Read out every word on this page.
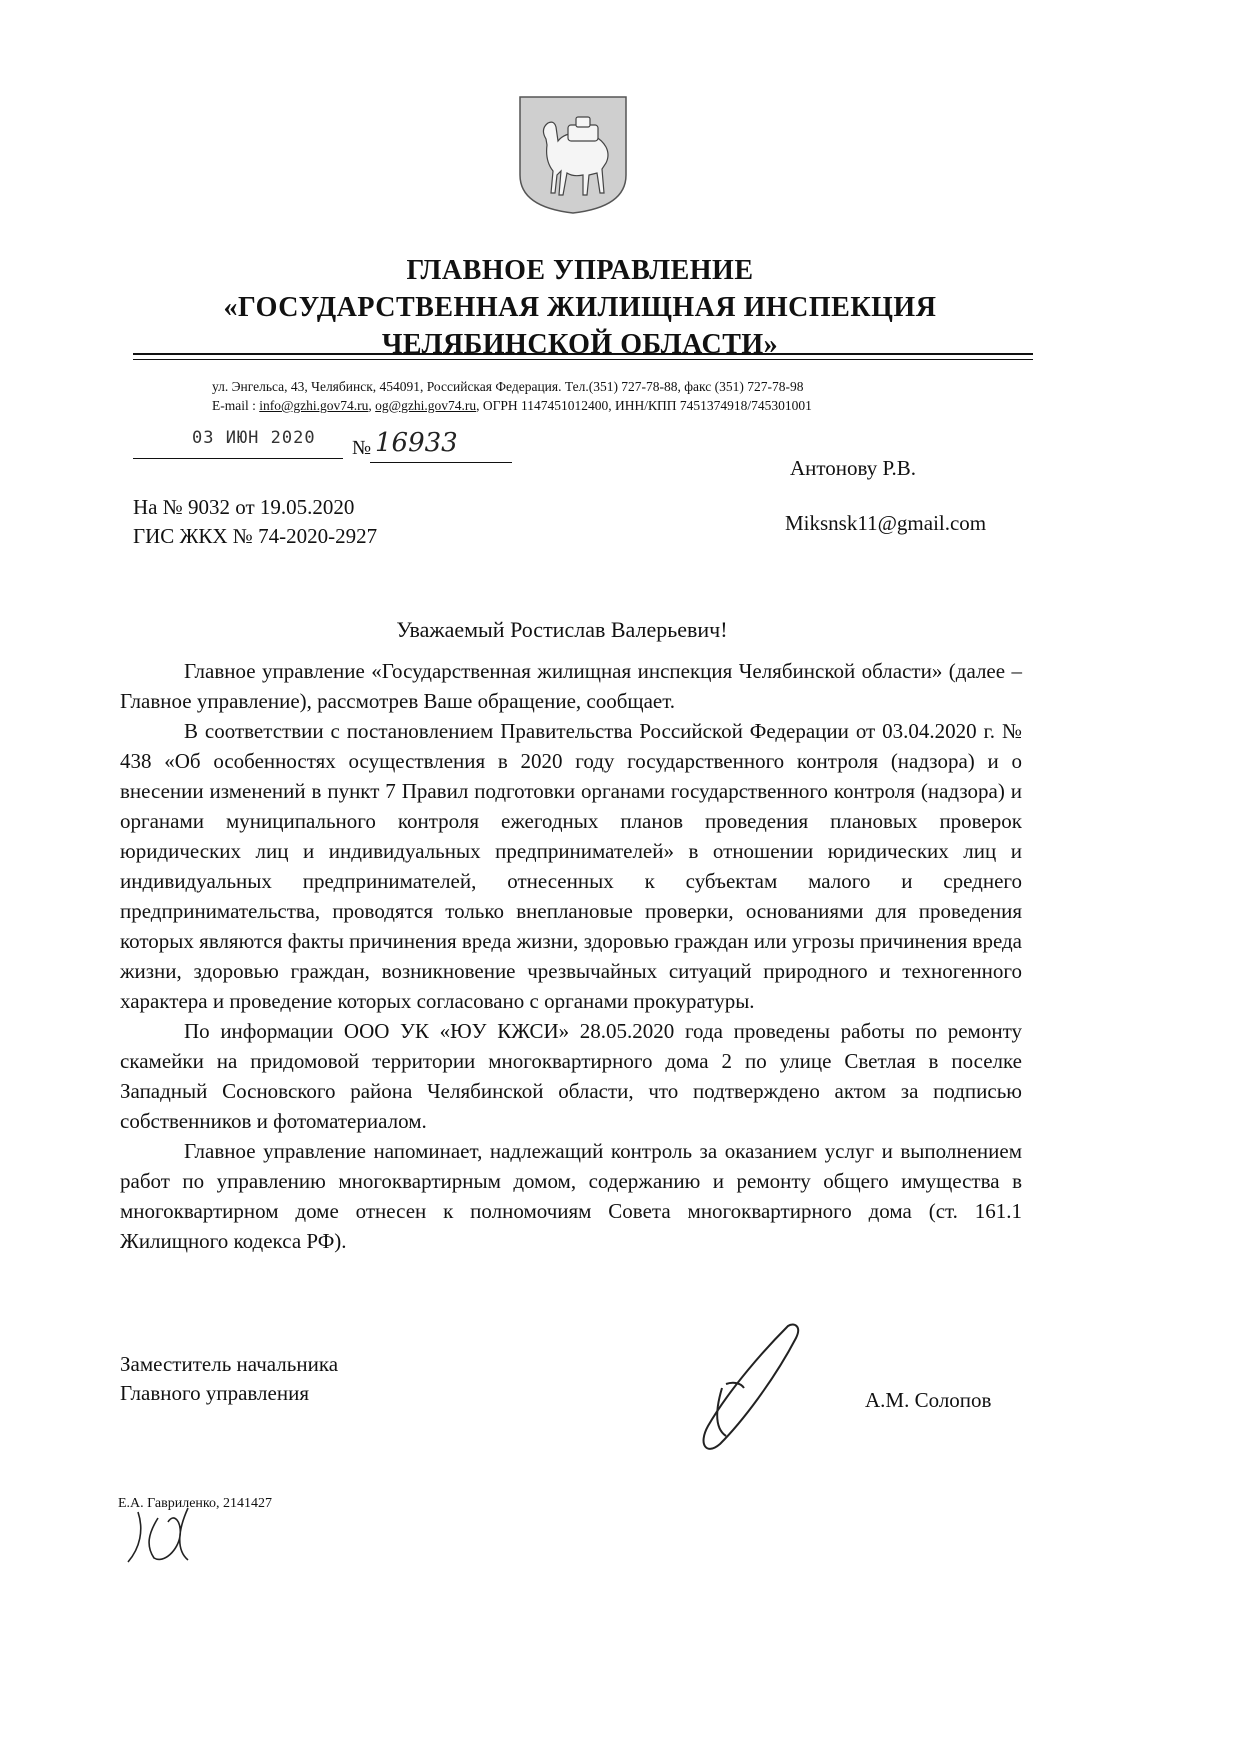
ГЛАВНОЕ УПРАВЛЕНИЕ
«ГОСУДАРСТВЕННАЯ ЖИЛИЩНАЯ ИНСПЕКЦИЯ
ЧЕЛЯБИНСКОЙ ОБЛАСТИ»
ул. Энгельса, 43, Челябинск, 454091, Российская Федерация. Тел.(351) 727-78-88, факс (351) 727-78-98
E-mail : info@gzhi.gov74.ru, og@gzhi.gov74.ru, ОГРН 1147451012400, ИНН/КПП 7451374918/745301001
03 ИЮН 2020 № 16933
Антонову Р.В.
На № 9032 от 19.05.2020
ГИС ЖКХ № 74-2020-2927
Miksnsk11@gmail.com
Уважаемый Ростислав Валерьевич!

Главное управление «Государственная жилищная инспекция Челябинской области» (далее – Главное управление), рассмотрев Ваше обращение, сообщает.

В соответствии с постановлением Правительства Российской Федерации от 03.04.2020 г. № 438 «Об особенностях осуществления в 2020 году государственного контроля (надзора) и о внесении изменений в пункт 7 Правил подготовки органами государственного контроля (надзора) и органами муниципального контроля ежегодных планов проведения плановых проверок юридических лиц и индивидуальных предпринимателей» в отношении юридических лиц и индивидуальных предпринимателей, отнесенных к субъектам малого и среднего предпринимательства, проводятся только внеплановые проверки, основаниями для проведения которых являются факты причинения вреда жизни, здоровью граждан или угрозы причинения вреда жизни, здоровью граждан, возникновение чрезвычайных ситуаций природного и техногенного характера и проведение которых согласовано с органами прокуратуры.

По информации ООО УК «ЮУ КЖСИ» 28.05.2020 года проведены работы по ремонту скамейки на придомовой территории многоквартирного дома 2 по улице Светлая в поселке Западный Сосновского района Челябинской области, что подтверждено актом за подписью собственников и фотоматериалом.

Главное управление напоминает, надлежащий контроль за оказанием услуг и выполнением работ по управлению многоквартирным домом, содержанию и ремонту общего имущества в многоквартирном доме отнесен к полномочиям Совета многоквартирного дома (ст. 161.1 Жилищного кодекса РФ).

Заместитель начальника
Главного управления	А.М. Солопов
Е.А. Гавриленко, 2141427
